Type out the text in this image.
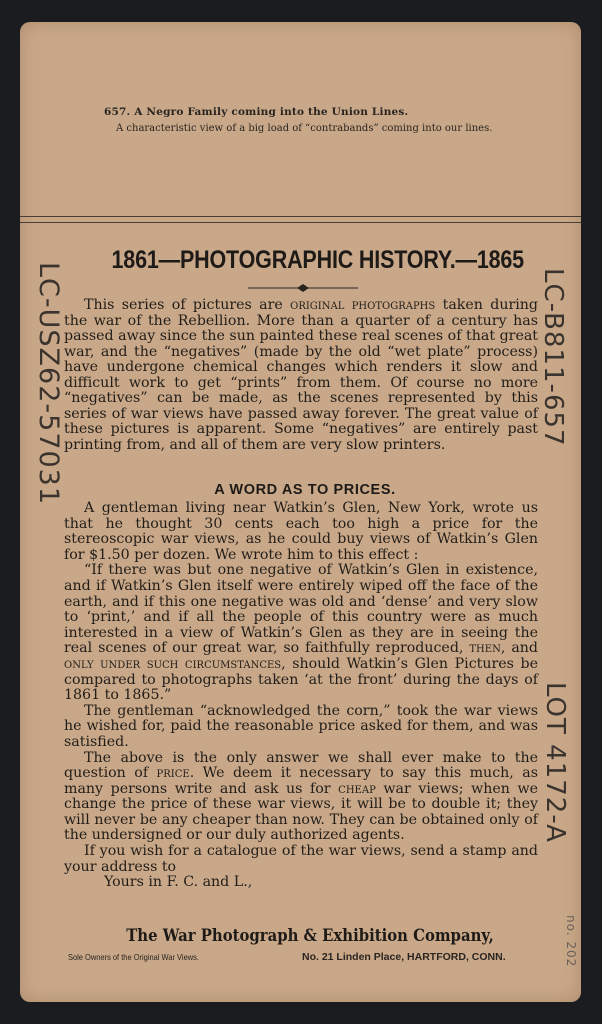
657. A Negro Family coming into the Union Lines.
A characteristic view of a big load of “contrabands” coming into our lines.
1861—PHOTOGRAPHIC HISTORY.—1865

This series of pictures are original photographs taken during the war of the Rebellion. More than a quarter of a century has passed away since the sun painted these real scenes of that great war, and the “negatives” (made by the old “wet plate” process) have undergone chemical changes which renders it slow and difficult work to get “prints” from them. Of course no more “negatives” can be made, as the scenes represented by this series of war views have passed away forever. The great value of these pictures is apparent. Some “negatives” are entirely past printing from, and all of them are very slow printers.

A WORD AS TO PRICES.

A gentleman living near Watkin’s Glen, New York, wrote us that he thought 30 cents each too high a price for the stereoscopic war views, as he could buy views of Watkin’s Glen for $1.50 per dozen. We wrote him to this effect :

“If there was but one negative of Watkin’s Glen in existence, and if Watkin’s Glen itself were entirely wiped off the face of the earth, and if this one negative was old and ‘dense’ and very slow to ‘print,’ and if all the people of this country were as much interested in a view of Watkin’s Glen as they are in seeing the real scenes of our great war, so faithfully reproduced, then, and only under such circumstances, should Watkin’s Glen Pictures be compared to photographs taken ‘at the front’ during the days of 1861 to 1865.”

The gentleman “acknowledged the corn,” took the war views he wished for, paid the reasonable price asked for them, and was satisfied.

The above is the only answer we shall ever make to the question of price. We deem it necessary to say this much, as many persons write and ask us for cheap war views; when we change the price of these war views, it will be to double it; they will never be any cheaper than now. They can be obtained only of the undersigned or our duly authorized agents.

If you wish for a catalogue of the war views, send a stamp and your address to

Yours in F. C. and L.,

The War Photograph & Exhibition Company,
Sole Owners of the Original War Views.	No. 21 Linden Place, HARTFORD, CONN.
LC-USZ62-57031	LC-B811-657
LOT 4172-A
no. 202
